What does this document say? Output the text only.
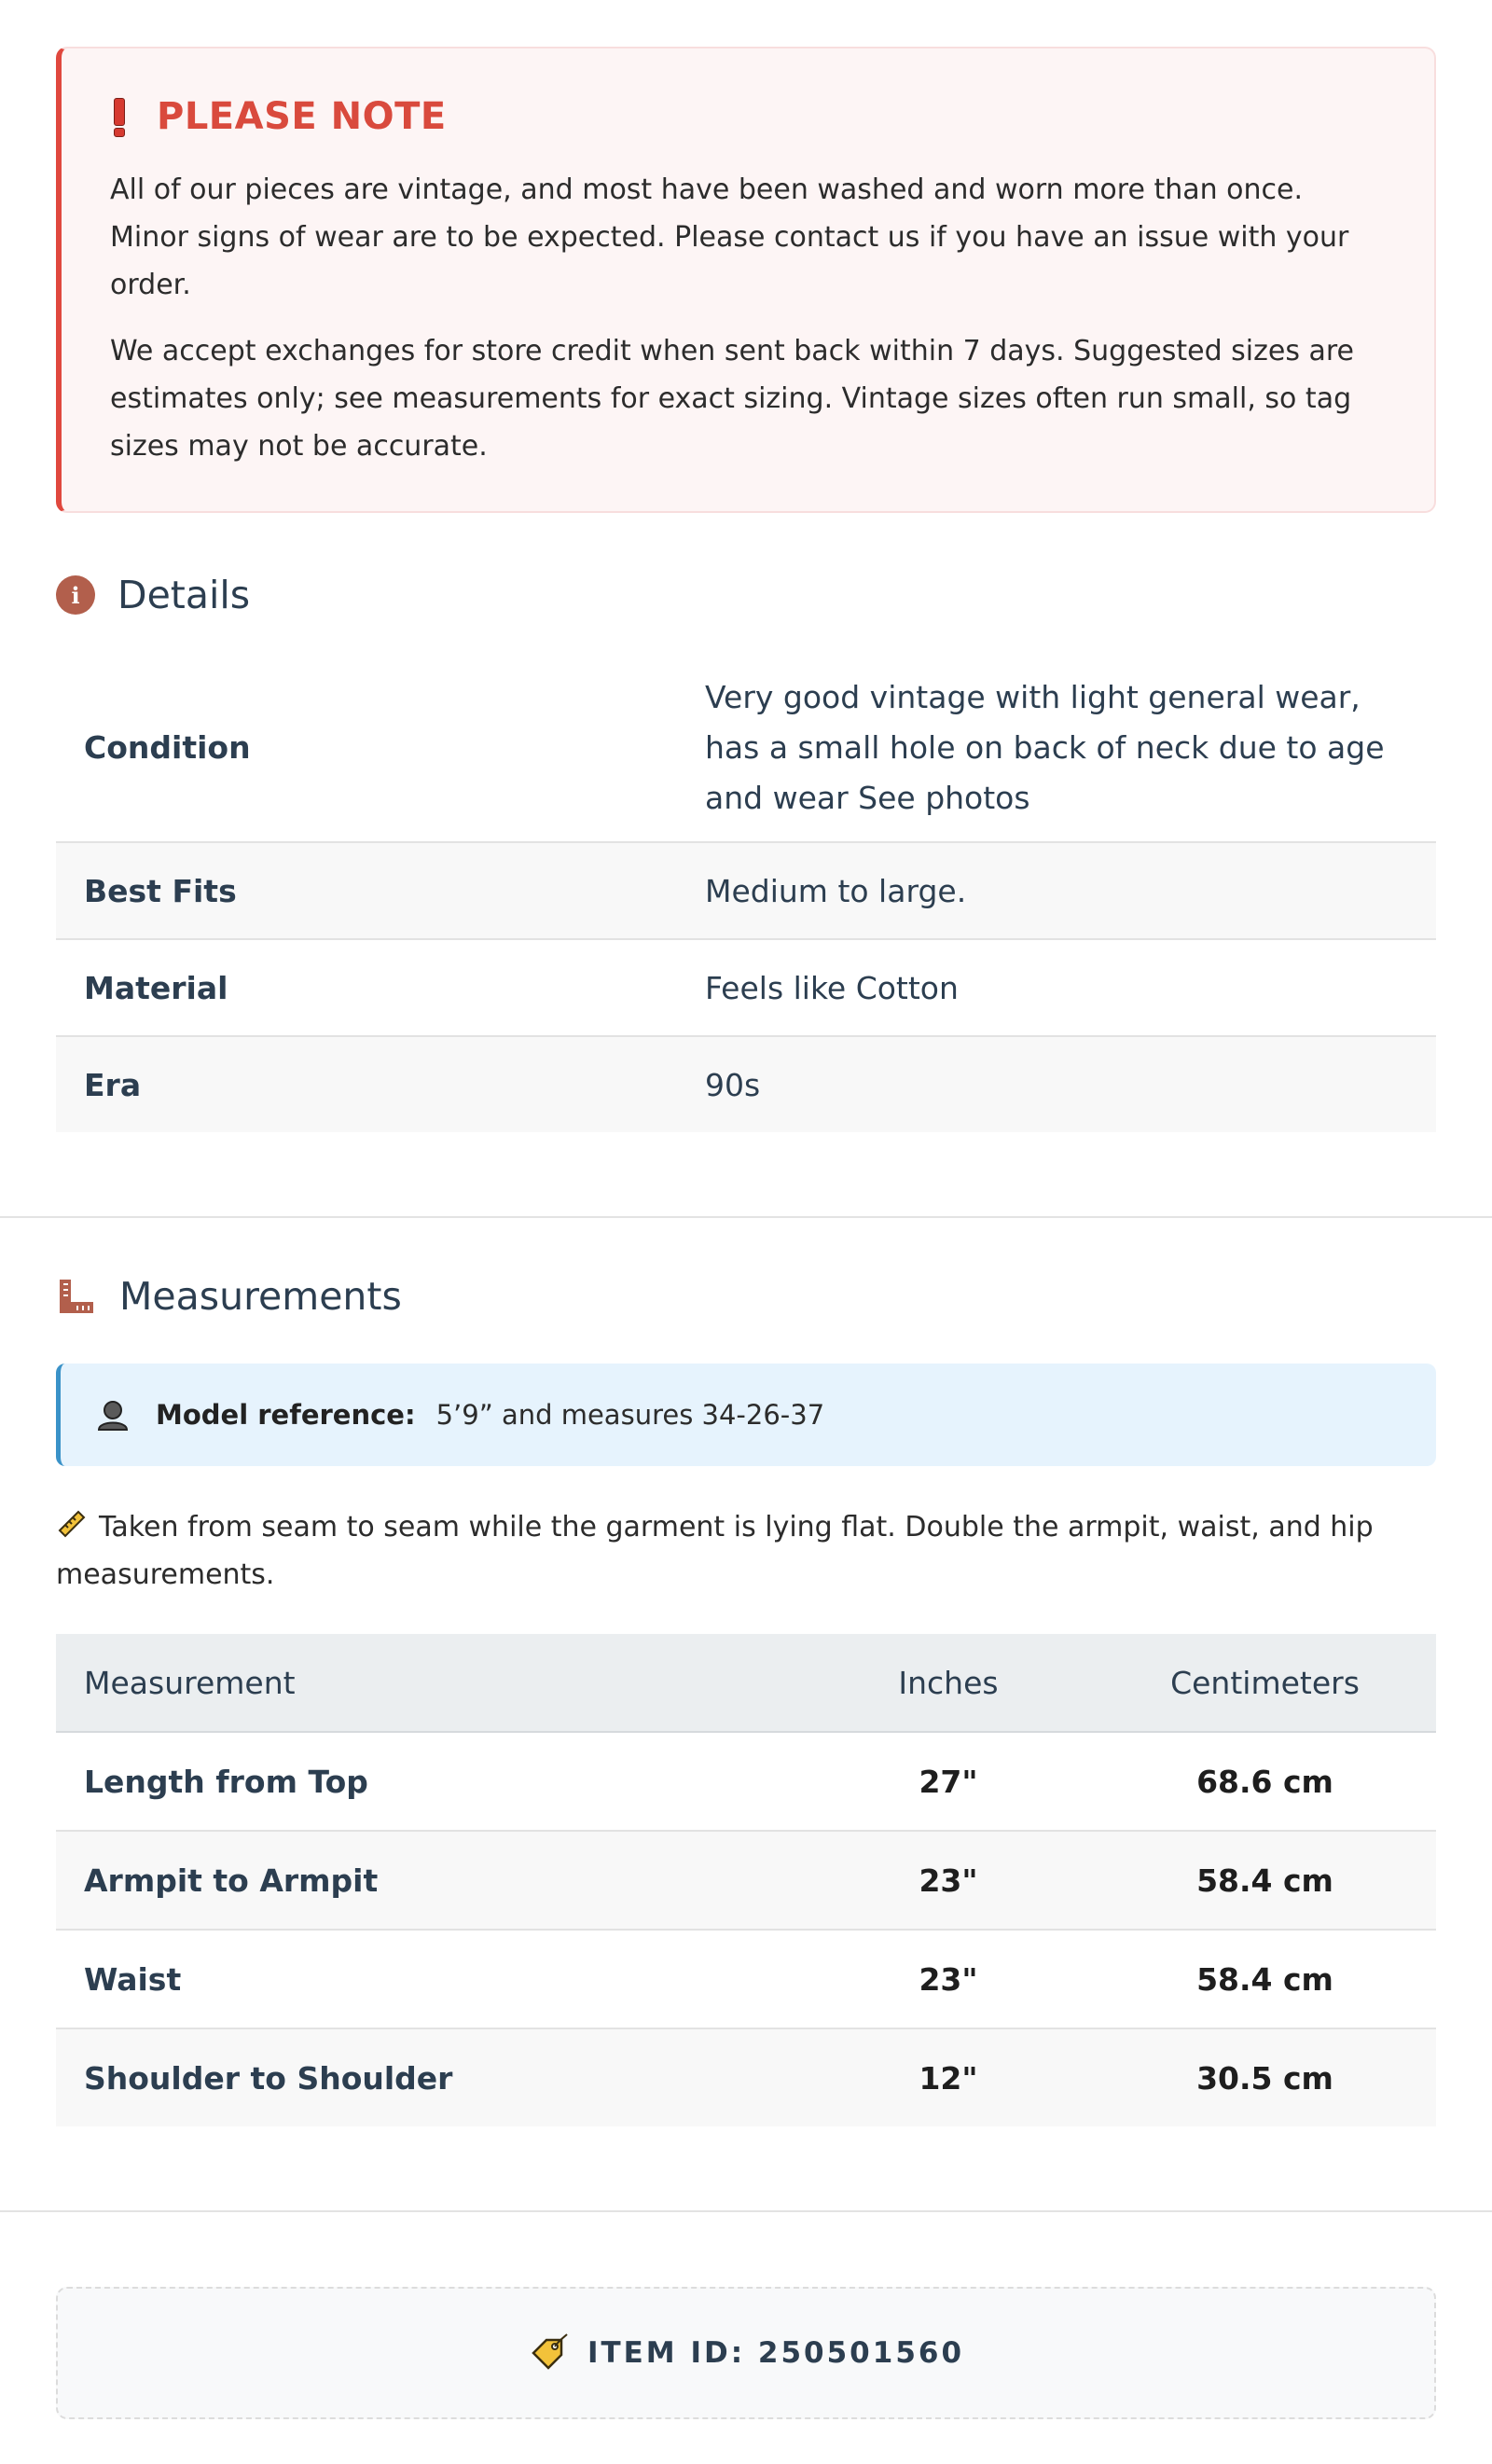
PLEASE NOTE

All of our pieces are vintage, and most have been washed and worn more than once. Minor signs of wear are to be expected. Please contact us if you have an issue with your order.

We accept exchanges for store credit when sent back within 7 days. Suggested sizes are estimates only; see measurements for exact sizing. Vintage sizes often run small, so tag sizes may not be accurate.

i Details
Condition	Very good vintage with light general wear, has a small hole on back of neck due to age and wear See photos
Best Fits	Medium to large.
Material	Feels like Cotton
Era	90s
Measurements
Model reference: 5’9” and measures 34-26-37
Taken from seam to seam while the garment is lying flat. Double the armpit, waist, and hip measurements.
Measurement	Inches	Centimeters
Length from Top	27"	68.6 cm
Armpit to Armpit	23"	58.4 cm
Waist	23"	58.4 cm
Shoulder to Shoulder	12"	30.5 cm
ITEM ID: 250501560
